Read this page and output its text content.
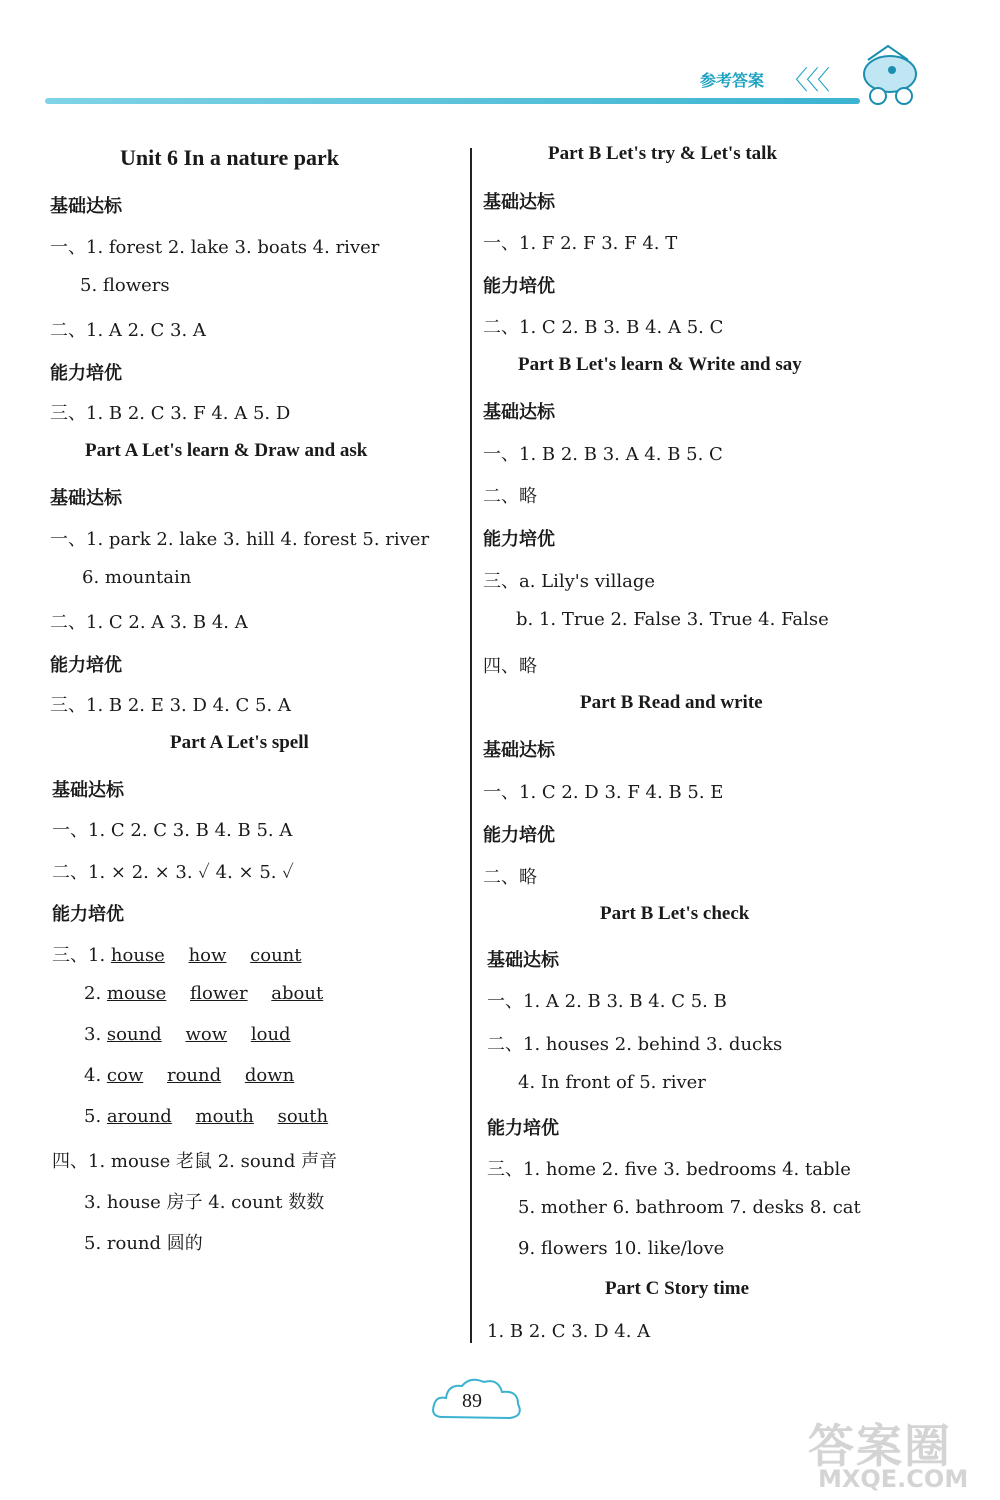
参考答案 〈〈〈
Unit 6 In a nature park
基础达标
一、1. forest 2. lake 3. boats 4. river
5. flowers
二、1. A 2. C 3. A
能力培优
三、1. B 2. C 3. F 4. A 5. D
Part A Let's learn & Draw and ask
基础达标
一、1. park 2. lake 3. hill 4. forest 5. river
6. mountain
二、1. C 2. A 3. B 4. A
能力培优
三、1. B 2. E 3. D 4. C 5. A
Part A Let's spell
基础达标
一、1. C 2. C 3. B 4. B 5. A
二、1. × 2. × 3. ✓ 4. × 5. ✓
能力培优
三、1. house how count
2. mouse flower about
3. sound wow loud
4. cow round down
5. around mouth south
四、1. mouse 老鼠 2. sound 声音
3. house 房子 4. count 数数
5. round 圆的
Part B Let's try & Let's talk
基础达标
一、1. F 2. F 3. F 4. T
能力培优
二、1. C 2. B 3. B 4. A 5. C
Part B Let's learn & Write and say
基础达标
一、1. B 2. B 3. A 4. B 5. C
二、略
能力培优
三、a. Lily's village
b. 1. True 2. False 3. True 4. False
四、略
Part B Read and write
基础达标
一、1. C 2. D 3. F 4. B 5. E
能力培优
二、略
Part B Let's check
基础达标
一、1. A 2. B 3. B 4. C 5. B
二、1. houses 2. behind 3. ducks
4. In front of 5. river
能力培优
三、1. home 2. five 3. bedrooms 4. table
5. mother 6. bathroom 7. desks 8. cat
9. flowers 10. like/love
Part C Story time
1. B 2. C 3. D 4. A
89
答案圈
MXQE.COM
